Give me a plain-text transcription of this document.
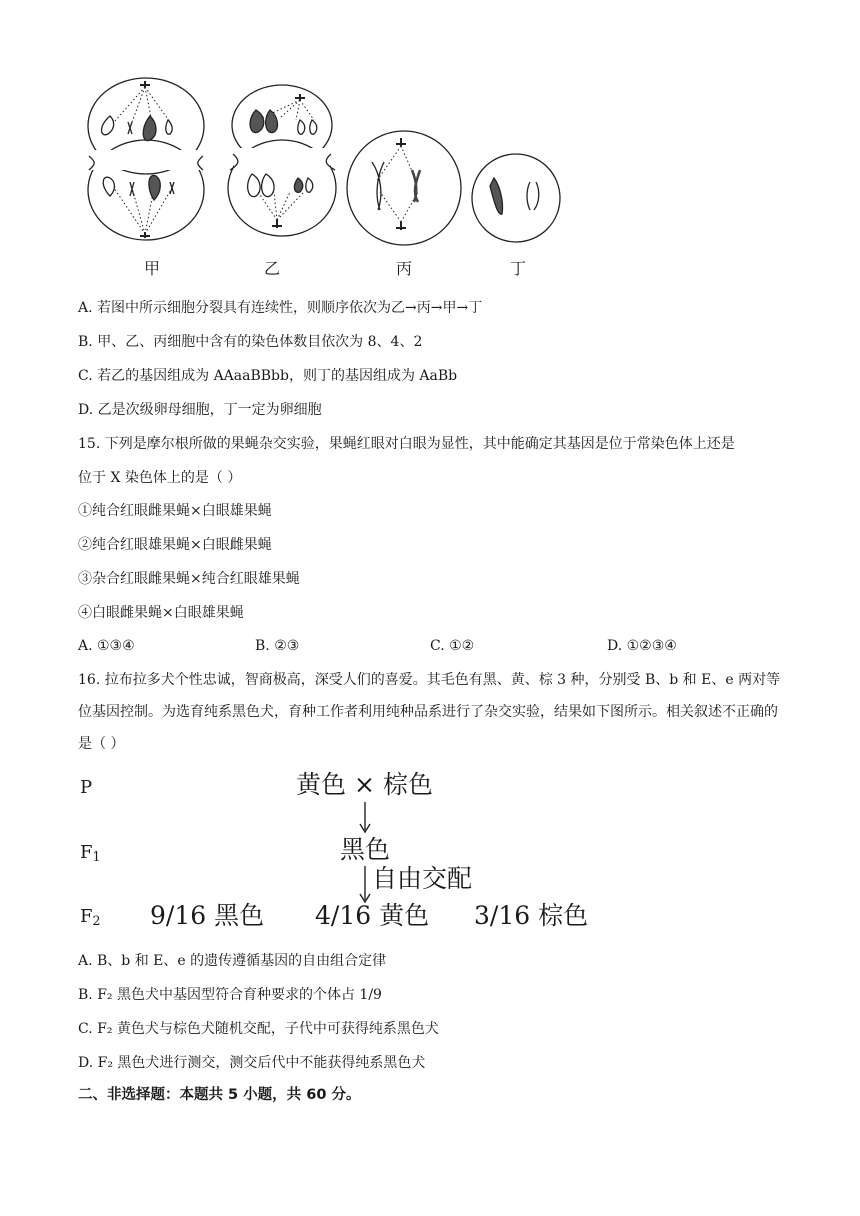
甲	乙	丙	丁
A. 若图中所示细胞分裂具有连续性，则顺序依次为乙→丙→甲→丁
B. 甲、乙、丙细胞中含有的染色体数目依次为 8、4、2
C. 若乙的基因组成为 AAaaBBbb，则丁的基因组成为 AaBb
D. 乙是次级卵母细胞，丁一定为卵细胞
15. 下列是摩尔根所做的果蝇杂交实验，果蝇红眼对白眼为显性，其中能确定其基因是位于常染色体上还是
位于 X 染色体上的是（ ）
①纯合红眼雌果蝇×白眼雄果蝇
②纯合红眼雄果蝇×白眼雌果蝇
③杂合红眼雌果蝇×纯合红眼雄果蝇
④白眼雌果蝇×白眼雄果蝇
A. ①③④	B. ②③	C. ①②	D. ①②③④
16. 拉布拉多犬个性忠诚，智商极高，深受人们的喜爱。其毛色有黑、黄、棕 3 种，分别受 B、b 和 E、e 两对等位基因控制。为选育纯系黑色犬，育种工作者利用纯种品系进行了杂交实验，结果如下图所示。相关叙述不正确的是（ ）
P	黄色 × 棕色
$F_1$	黑色
自由交配
$F_2$ 9/16 黑色 4/16 黄色 3/16 棕色
A. B、b 和 E、e 的遗传遵循基因的自由组合定律
B. F₂ 黑色犬中基因型符合育种要求的个体占 1/9
C. F₂ 黄色犬与棕色犬随机交配，子代中可获得纯系黑色犬
D. F₂ 黑色犬进行测交，测交后代中不能获得纯系黑色犬
二、非选择题：本题共 5 小题，共 60 分。
